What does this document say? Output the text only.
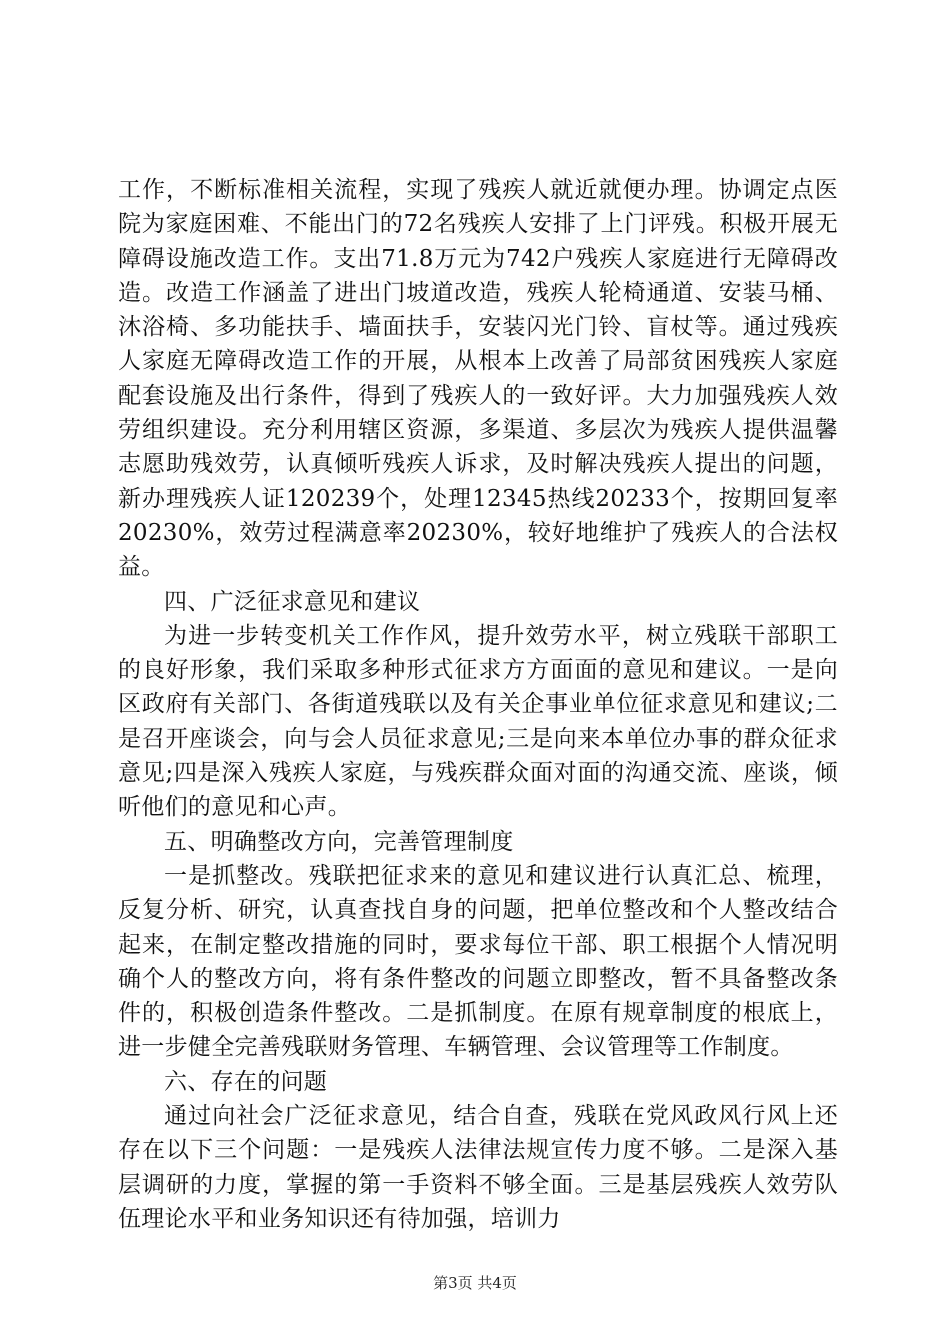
工作，不断标准相关流程，实现了残疾人就近就便办理。协调定点医院为家庭困难、不能出门的72名残疾人安排了上门评残。积极开展无障碍设施改造工作。支出71.8万元为742户残疾人家庭进行无障碍改造。改造工作涵盖了进出门坡道改造，残疾人轮椅通道、安装马桶、沐浴椅、多功能扶手、墙面扶手，安装闪光门铃、盲杖等。通过残疾人家庭无障碍改造工作的开展，从根本上改善了局部贫困残疾人家庭配套设施及出行条件，得到了残疾人的一致好评。大力加强残疾人效劳组织建设。充分利用辖区资源，多渠道、多层次为残疾人提供温馨志愿助残效劳，认真倾听残疾人诉求，及时解决残疾人提出的问题，新办理残疾人证120239个，处理12345热线20233个，按期回复率20230%，效劳过程满意率20230%，较好地维护了残疾人的合法权益。

四、广泛征求意见和建议

为进一步转变机关工作作风，提升效劳水平，树立残联干部职工的良好形象，我们采取多种形式征求方方面面的意见和建议。一是向区政府有关部门、各街道残联以及有关企事业单位征求意见和建议;二是召开座谈会，向与会人员征求意见;三是向来本单位办事的群众征求意见;四是深入残疾人家庭，与残疾群众面对面的沟通交流、座谈，倾听他们的意见和心声。

五、明确整改方向，完善管理制度

一是抓整改。残联把征求来的意见和建议进行认真汇总、梳理，反复分析、研究，认真查找自身的问题，把单位整改和个人整改结合起来，在制定整改措施的同时，要求每位干部、职工根据个人情况明确个人的整改方向，将有条件整改的问题立即整改，暂不具备整改条件的，积极创造条件整改。二是抓制度。在原有规章制度的根底上，进一步健全完善残联财务管理、车辆管理、会议管理等工作制度。

六、存在的问题

通过向社会广泛征求意见，结合自查，残联在党风政风行风上还存在以下三个问题：一是残疾人法律法规宣传力度不够。二是深入基层调研的力度，掌握的第一手资料不够全面。三是基层残疾人效劳队伍理论水平和业务知识还有待加强，培训力

第3页 共4页
